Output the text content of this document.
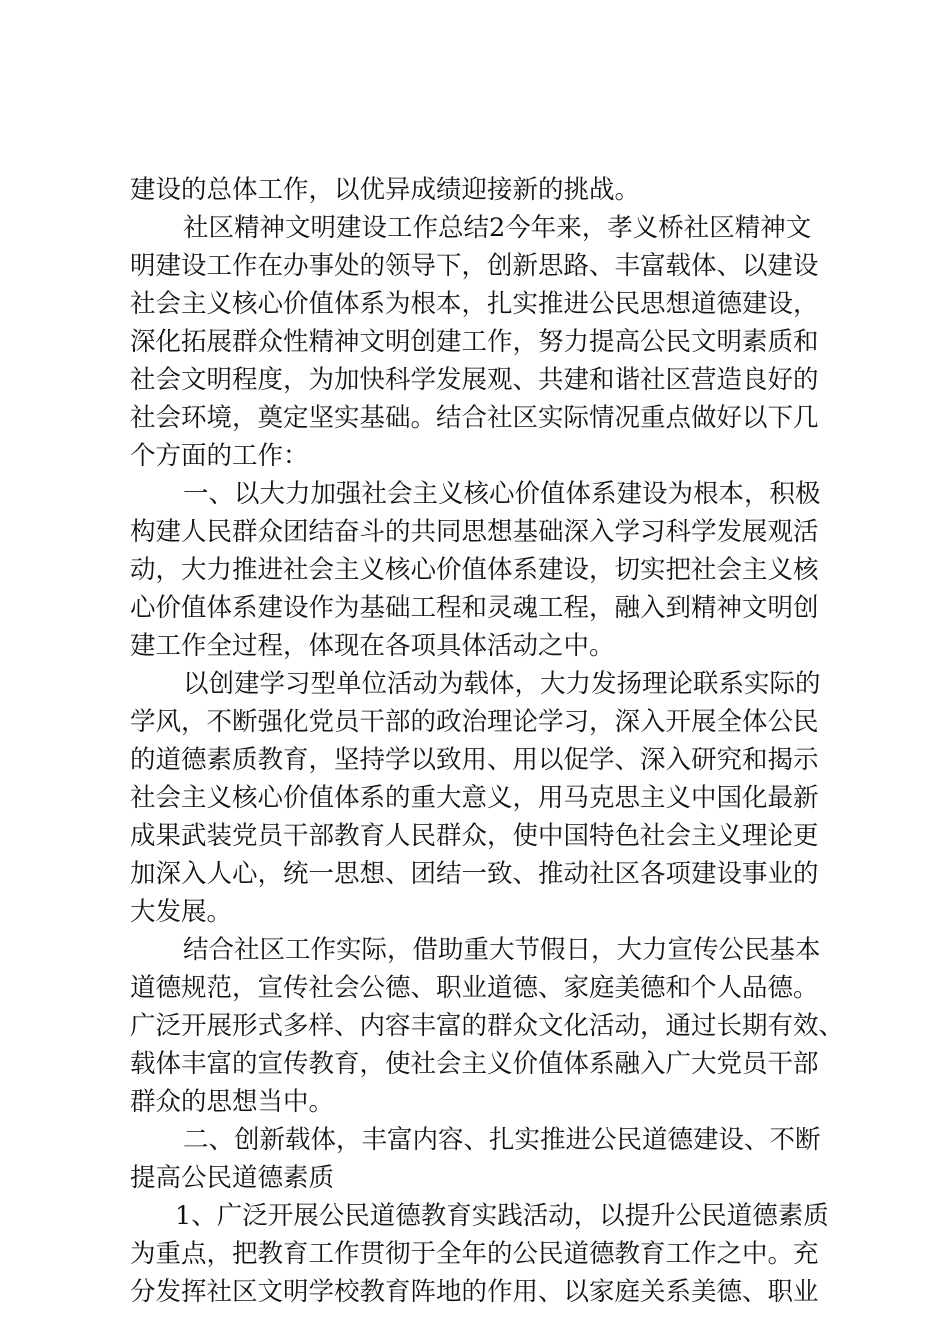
建设的总体工作，以优异成绩迎接新的挑战。
社区精神文明建设工作总结2今年来，孝义桥社区精神文
明建设工作在办事处的领导下，创新思路、丰富载体、以建设
社会主义核心价值体系为根本，扎实推进公民思想道德建设，
深化拓展群众性精神文明创建工作，努力提高公民文明素质和
社会文明程度，为加快科学发展观、共建和谐社区营造良好的
社会环境，奠定坚实基础。结合社区实际情况重点做好以下几
个方面的工作：
一、以大力加强社会主义核心价值体系建设为根本，积极
构建人民群众团结奋斗的共同思想基础深入学习科学发展观活
动，大力推进社会主义核心价值体系建设，切实把社会主义核
心价值体系建设作为基础工程和灵魂工程，融入到精神文明创
建工作全过程，体现在各项具体活动之中。
以创建学习型单位活动为载体，大力发扬理论联系实际的
学风，不断强化党员干部的政治理论学习，深入开展全体公民
的道德素质教育，坚持学以致用、用以促学、深入研究和揭示
社会主义核心价值体系的重大意义，用马克思主义中国化最新
成果武装党员干部教育人民群众，使中国特色社会主义理论更
加深入人心，统一思想、团结一致、推动社区各项建设事业的
大发展。
结合社区工作实际，借助重大节假日，大力宣传公民基本
道德规范，宣传社会公德、职业道德、家庭美德和个人品德。
广泛开展形式多样、内容丰富的群众文化活动，通过长期有效、
载体丰富的宣传教育，使社会主义价值体系融入广大党员干部
群众的思想当中。
二、创新载体，丰富内容、扎实推进公民道德建设、不断
提高公民道德素质
1、广泛开展公民道德教育实践活动，以提升公民道德素质
为重点，把教育工作贯彻于全年的公民道德教育工作之中。充
分发挥社区文明学校教育阵地的作用、以家庭关系美德、职业
